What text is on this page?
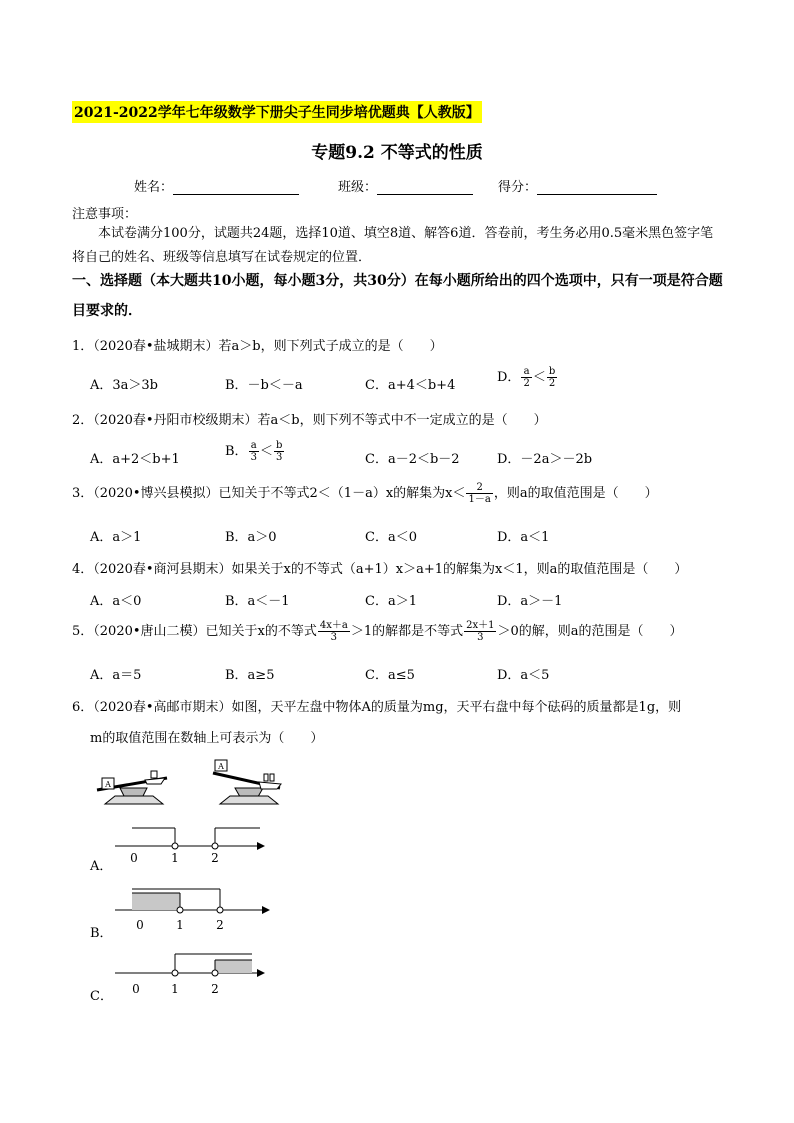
2021-2022学年七年级数学下册尖子生同步培优题典【人教版】
专题9.2 不等式的性质
姓名：	班级：	得分：
注意事项：
本试卷满分100分，试题共24题，选择10道、填空8道、解答6道．答卷前，考生务必用0.5毫米黑色签字笔将自己的姓名、班级等信息填写在试卷规定的位置．
一、选择题（本大题共10小题，每小题3分，共30分）在每小题所给出的四个选项中，只有一项是符合题目要求的．
1．（2020春•盐城期末）若a＞b，则下列式子成立的是（　　）
A．3a＞3b	B．－b＜－a	C．a+4＜b+4
D． $\frac{a}{2} < \frac{b}{2}$
2．（2020春•丹阳市校级期末）若a＜b，则下列不等式中不一定成立的是（　　）
A．a+2＜b+1
B． $\frac{a}{3} < \frac{b}{3}$	C．a－2＜b－2	D．－2a＞－2b
3．（2020•博兴县模拟）已知关于不等式2＜（1－a）x的解集为$x< \frac{2}{1-a}$ ，则a的取值范围是（　　）
A．a＞1	B．a＞0	C．a＜0	D．a＜1
4．（2020春•商河县期末）如果关于x的不等式（a+1）x＞a+1的解集为x＜1，则a的取值范围是（　　）
A．a＜0	B．a＜－1	C．a＞1	D．a＞－1
5．（2020•唐山二模）已知关于x的不等式 $\frac{4x+a}{3} >1$的解都是不等式 $\frac{2x+1}{3} >0$的解，则a的范围是（　　）
A．a＝5	B．a≥5	C．a≤5	D．a＜5
6．（2020春•高邮市期末）如图，天平左盘中物体A的质量为mg，天平右盘中每个砝码的质量都是1g，则
m的取值范围在数轴上可表示为（　　）
A
A
A．
0	1	2
B．
0	1	2
C． 0	1	2
